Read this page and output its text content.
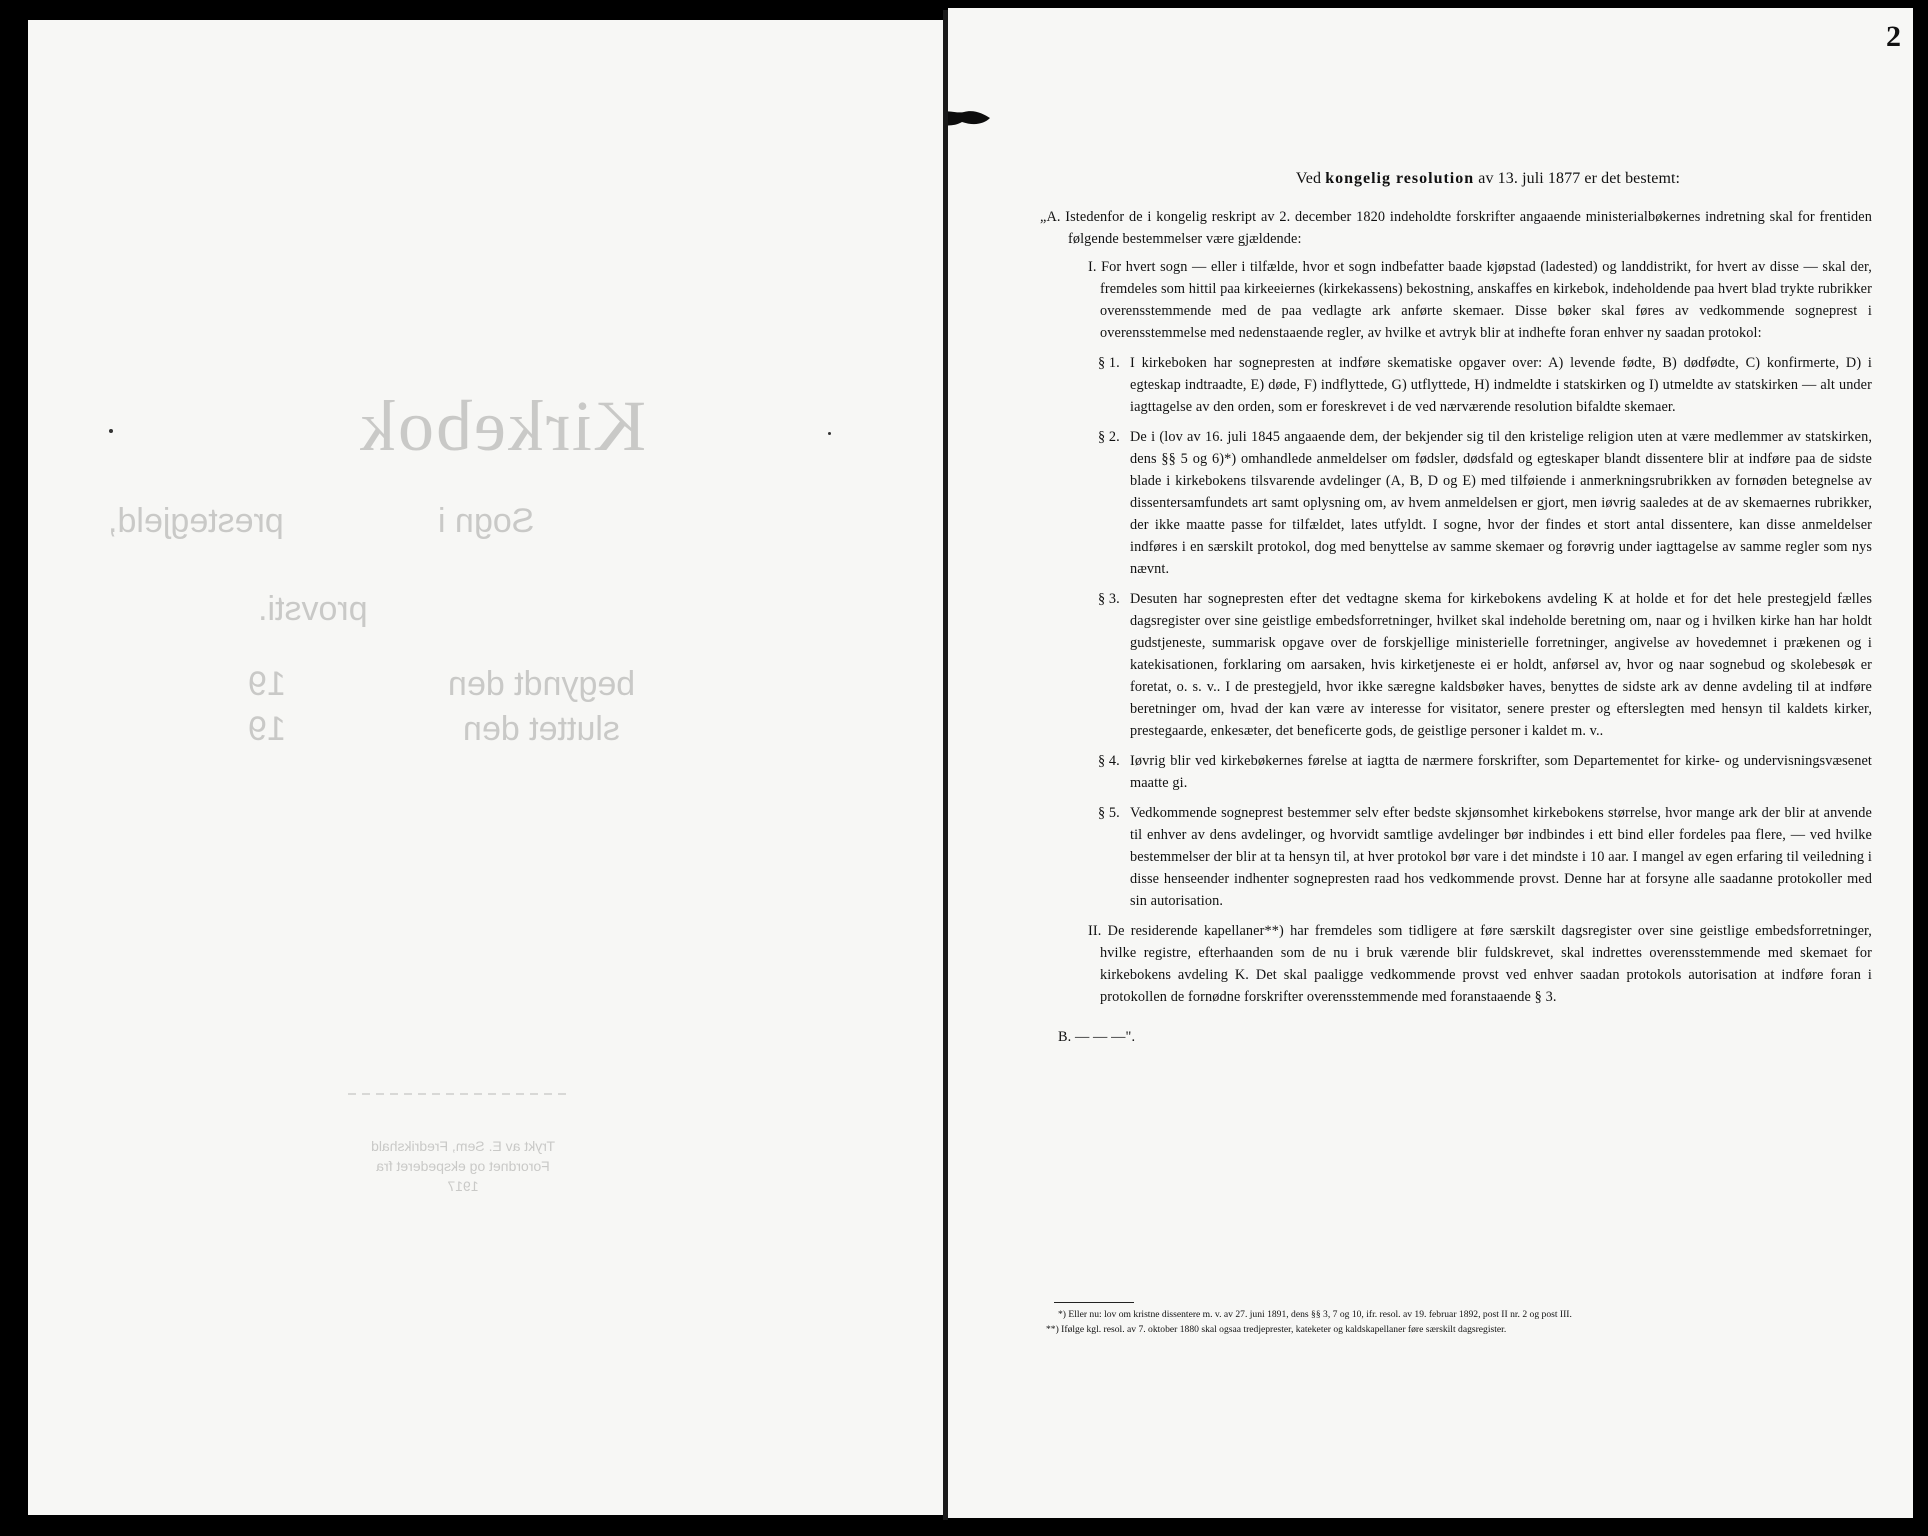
Kirkebok
Sogn i
prestegjeld,
provsti.
begyndt den
19
sluttet den
19
Trykt av E. Sem, Fredrikshald
Forordnet og ekspederet fra
1917
2

Ved kongelig resolution av 13. juli 1877 er det bestemt:

„A. Istedenfor de i kongelig reskript av 2. december 1820 indeholdte forskrifter angaaende ministerialbøkernes indretning skal for frentiden følgende bestemmelser være gjældende:

I. For hvert sogn — eller i tilfælde, hvor et sogn indbefatter baade kjøpstad (ladested) og landdistrikt, for hvert av disse — skal der, fremdeles som hittil paa kirkeeiernes (kirkekassens) bekostning, anskaffes en kirkebok, indeholdende paa hvert blad trykte rubrikker overensstemmende med de paa vedlagte ark anførte skemaer. Disse bøker skal føres av vedkommende sogneprest i overensstemmelse med nedenstaaende regler, av hvilke et avtryk blir at indhefte foran enhver ny saadan protokol:

§ 1. I kirkeboken har sognepresten at indføre skematiske opgaver over: A) levende fødte, B) dødfødte, C) konfirmerte, D) i egteskap indtraadte, E) døde, F) indflyttede, G) utflyttede, H) indmeldte i statskirken og I) utmeldte av statskirken — alt under iagttagelse av den orden, som er foreskrevet i de ved nærværende resolution bifaldte skemaer.

§ 2. De i (lov av 16. juli 1845 angaaende dem, der bekjender sig til den kristelige religion uten at være medlemmer av statskirken, dens §§ 5 og 6)*) omhandlede anmeldelser om fødsler, dødsfald og egteskaper blandt dissentere blir at indføre paa de sidste blade i kirkebokens tilsvarende avdelinger (A, B, D og E) med tilføiende i anmerkningsrubrikken av fornøden betegnelse av dissentersamfundets art samt oplysning om, av hvem anmeldelsen er gjort, men iøvrig saaledes at de av skemaernes rubrikker, der ikke maatte passe for tilfældet, lates utfyldt. I sogne, hvor der findes et stort antal dissentere, kan disse anmeldelser indføres i en særskilt protokol, dog med benyttelse av samme skemaer og forøvrig under iagttagelse av samme regler som nys nævnt.

§ 3. Desuten har sognepresten efter det vedtagne skema for kirkebokens avdeling K at holde et for det hele prestegjeld fælles dagsregister over sine geistlige embedsforretninger, hvilket skal indeholde beretning om, naar og i hvilken kirke han har holdt gudstjeneste, summarisk opgave over de forskjellige ministerielle forretninger, angivelse av hovedemnet i prækenen og i katekisationen, forklaring om aarsaken, hvis kirketjeneste ei er holdt, anførsel av, hvor og naar sognebud og skolebesøk er foretat, o. s. v.. I de prestegjeld, hvor ikke særegne kaldsbøker haves, benyttes de sidste ark av denne avdeling til at indføre beretninger om, hvad der kan være av interesse for visitator, senere prester og efterslegten med hensyn til kaldets kirker, prestegaarde, enkesæter, det beneficerte gods, de geistlige personer i kaldet m. v..

§ 4. Iøvrig blir ved kirkebøkernes førelse at iagtta de nærmere forskrifter, som Departementet for kirke- og undervisningsvæsenet maatte gi.

§ 5. Vedkommende sogneprest bestemmer selv efter bedste skjønsomhet kirkebokens størrelse, hvor mange ark der blir at anvende til enhver av dens avdelinger, og hvorvidt samtlige avdelinger bør indbindes i ett bind eller fordeles paa flere, — ved hvilke bestemmelser der blir at ta hensyn til, at hver protokol bør vare i det mindste i 10 aar. I mangel av egen erfaring til veiledning i disse henseender indhenter sognepresten raad hos vedkommende provst. Denne har at forsyne alle saadanne protokoller med sin autorisation.

II. De residerende kapellaner**) har fremdeles som tidligere at føre særskilt dagsregister over sine geistlige embedsforretninger, hvilke registre, efterhaanden som de nu i bruk værende blir fuldskrevet, skal indrettes overensstemmende med skemaet for kirkebokens avdeling K. Det skal paaligge vedkommende provst ved enhver saadan protokols autorisation at indføre foran i protokollen de fornødne forskrifter overensstemmende med foranstaaende § 3.

B. — — —".

*) Eller nu: lov om kristne dissentere m. v. av 27. juni 1891, dens §§ 3, 7 og 10, ifr. resol. av 19. februar 1892, post II nr. 2 og post III.

**) Ifølge kgl. resol. av 7. oktober 1880 skal ogsaa tredjeprester, kateketer og kaldskapellaner føre særskilt dagsregister.
